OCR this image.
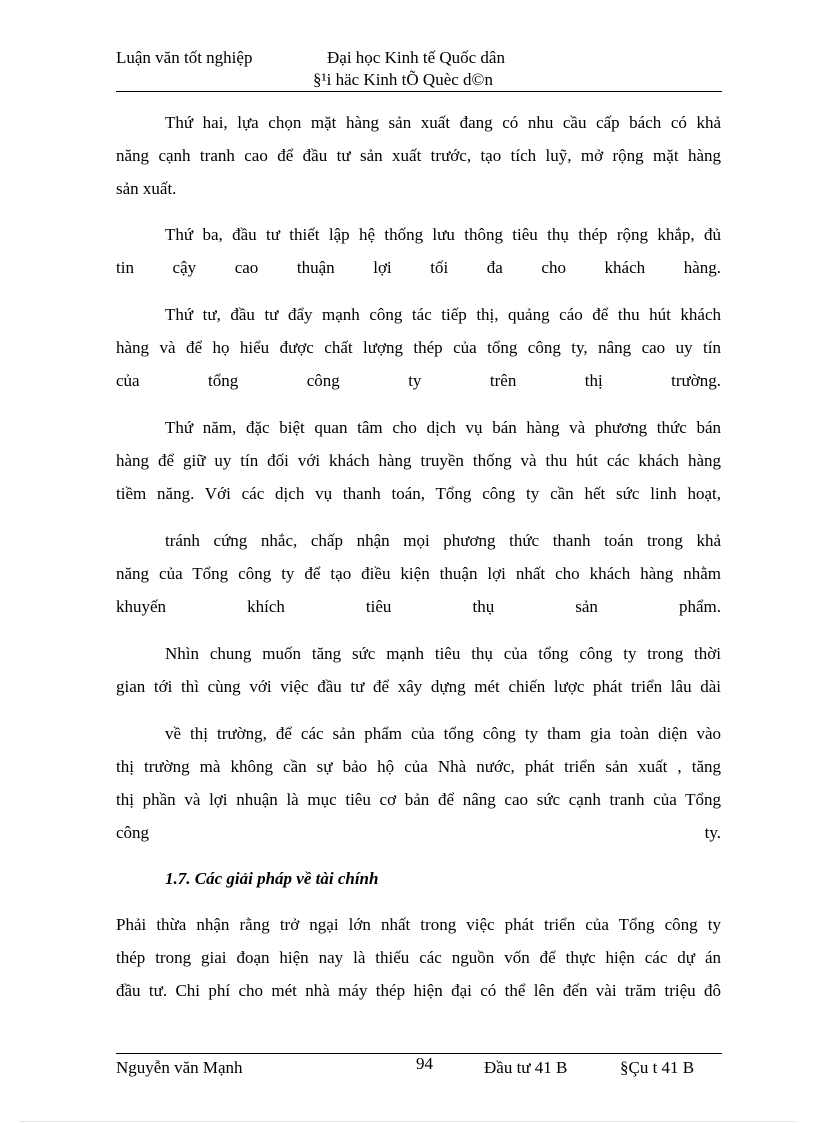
Luận văn tốt nghiệp	Đại học Kinh tế Quốc dân
§¹i häc Kinh tÕ Quèc d©n
Thứ hai, lựa chọn mặt hàng sản xuất đang có nhu cầu cấp bách có khả
năng cạnh tranh cao để đầu tư sản xuất trước, tạo tích luỹ, mở rộng mặt hàng
sản xuất.
Thứ ba, đầu tư thiết lập hệ thống lưu thông tiêu thụ thép rộng khắp, đủ
tin cậy cao thuận lợi tối đa cho khách hàng.
Thứ tư, đầu tư đẩy mạnh công tác tiếp thị, quảng cáo để thu hút khách
hàng và để họ hiểu được chất lượng thép của tổng công ty, nâng cao uy tín
của tổng công ty trên thị trường.
Thứ năm, đặc biệt quan tâm cho dịch vụ bán hàng và phương thức bán
hàng để giữ uy tín đối với khách hàng truyền thống và thu hút các khách hàng
tiềm năng. Với các dịch vụ thanh toán, Tổng công ty cần hết sức linh hoạt,
tránh cứng nhắc, chấp nhận mọi phương thức thanh toán trong khả
năng của Tổng công ty để tạo điều kiện thuận lợi nhất cho khách hàng nhằm
khuyến khích tiêu thụ sản phẩm.
Nhìn chung muốn tăng sức mạnh tiêu thụ của tổng công ty trong thời
gian tới thì cùng với việc đầu tư để xây dựng mét chiến lược phát triển lâu dài
về thị trường, để các sản phẩm của tổng công ty tham gia toàn diện vào
thị trường mà không cần sự bảo hộ của Nhà nước, phát triển sản xuất , tăng
thị phần và lợi nhuận là mục tiêu cơ bản để nâng cao sức cạnh tranh của Tổng
công ty.
1.7. Các giải pháp về tài chính
Phải thừa nhận rằng trở ngại lớn nhất trong việc phát triển của Tổng công ty
thép trong giai đoạn hiện nay là thiếu các nguồn vốn để thực hiện các dự án
đầu tư. Chi phí cho mét nhà máy thép hiện đại có thể lên đến vài trăm triệu đô
Nguyễn văn Mạnh	94	Đầu tư 41 B	§Çu t 41 B
